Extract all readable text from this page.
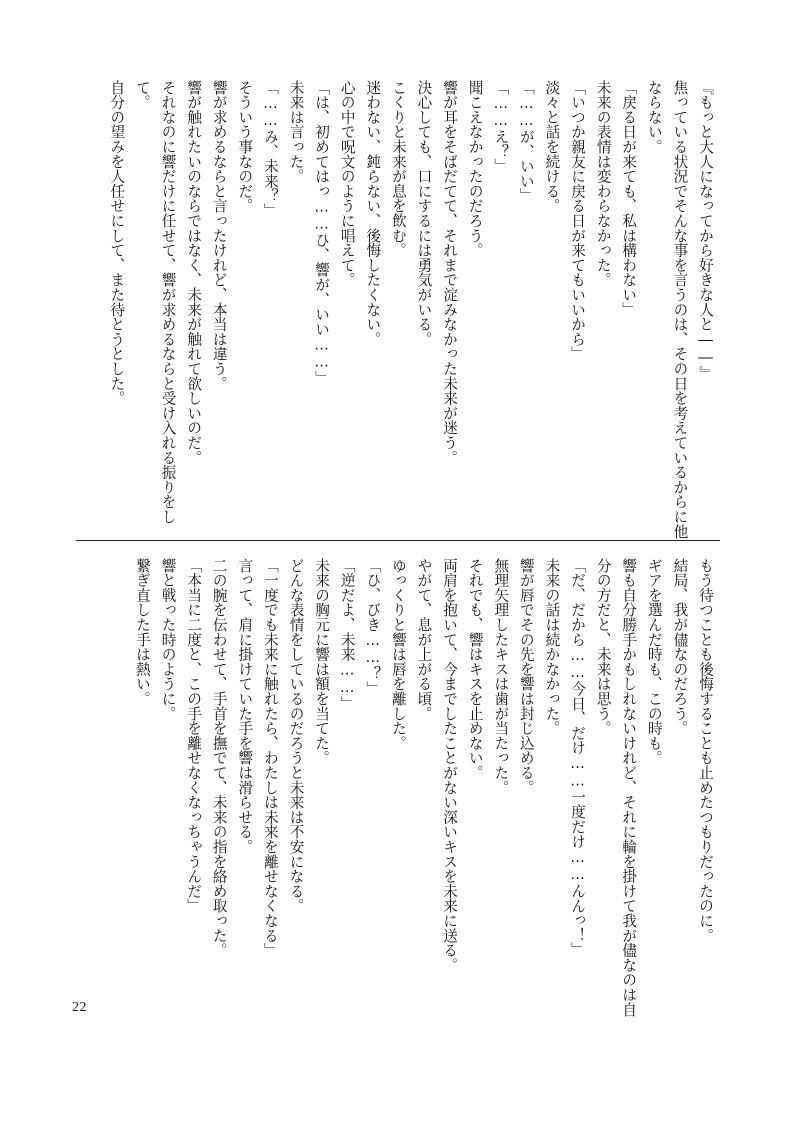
『もっと大人になってから好きな人と――』

焦っている状況でそんな事を言うのは、その日を考えているからに他

ならない。

「戻る日が来ても、私は構わない」

未来の表情は変わらなかった。

「いつか親友に戻る日が来てもいいから」

淡々と話を続ける。

「……が、いい」

「……え？」

聞こえなかったのだろう。

響が耳をそばだてて、それまで淀みなかった未来が迷う。

決心しても、口にするには勇気がいる。

こくりと未来が息を飲む。

迷わない、鈍らない、後悔したくない。

心の中で呪文のように唱えて。

「は、初めてはっ……ひ、響が、いい……」

未来は言った。

「……み、未来？」

そういう事なのだ。

響が求めるならと言ったけれど、本当は違う。

響が触れたいのならではなく、未来が触れて欲しいのだ。

それなのに響だけに任せて、響が求めるならと受け入れる振りをして。

自分の望みを人任せにして、また待とうとした。

もう待つことも後悔することも止めたつもりだったのに。

結局、我が儘なのだろう。

ギアを選んだ時も、この時も。

響も自分勝手かもしれないけれど、それに輪を掛けて我が儘なのは自

分の方だと、未来は思う。

「だ、だから……今日、だけ……一度だけ……んんっ！」

未来の話は続かなかった。

響が唇でその先を響は封じ込める。

無理矢理したキスは歯が当たった。

それでも、響はキスを止めない。

両肩を抱いて、今までしたことがない深いキスを未来に送る。

やがて、息が上がる頃。

ゆっくりと響は唇を離した。

「ひ、びき……？」

「逆だよ、未来……」

未来の胸元に響は額を当てた。

どんな表情をしているのだろうと未来は不安になる。

「一度でも未来に触れたら、わたしは未来を離せなくなる」

言って、肩に掛けていた手を響は滑らせる。

二の腕を伝わせて、手首を撫でて、未来の指を絡め取った。

「本当に二度と、この手を離せなくなっちゃうんだ」

響と戦った時のように。

繋ぎ直した手は熱い。

22
